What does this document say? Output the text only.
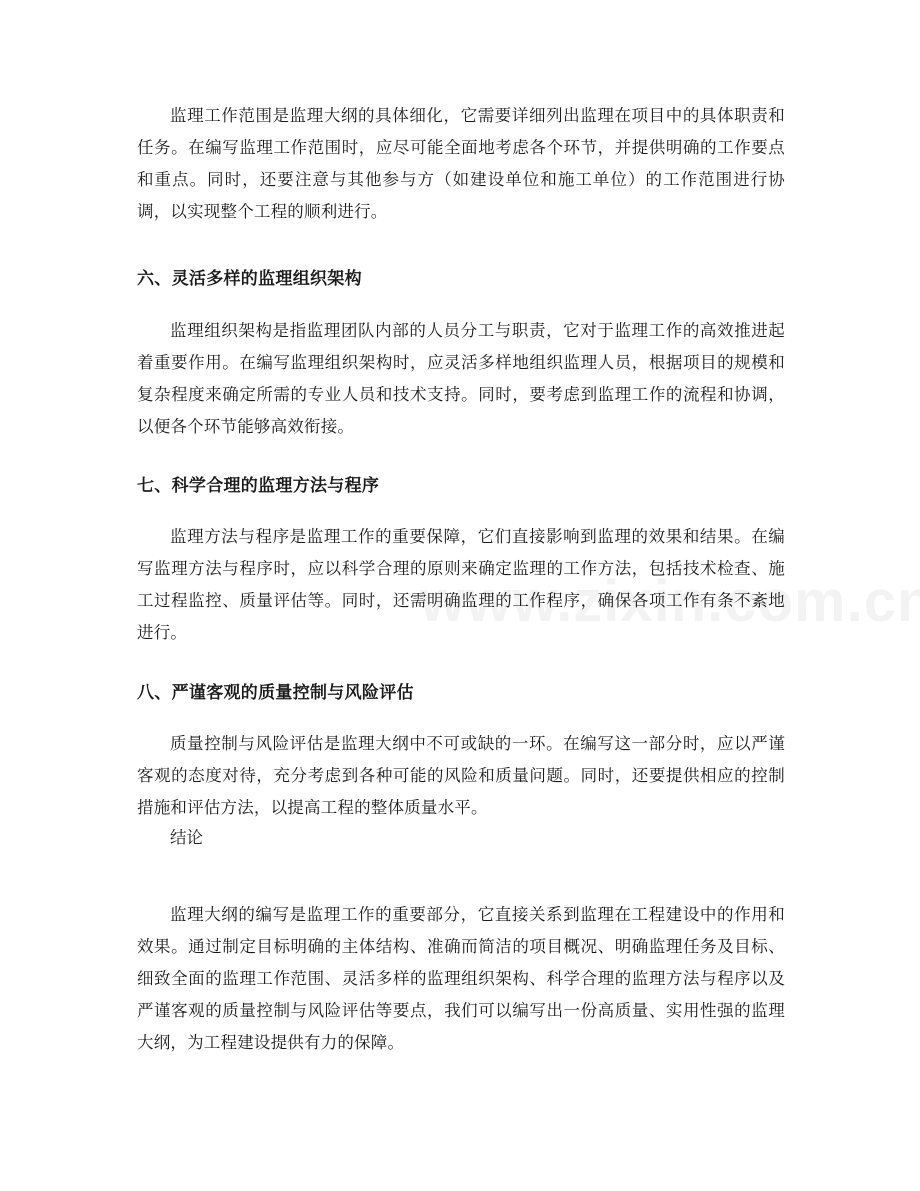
监理工作范围是监理大纲的具体细化，它需要详细列出监理在项目中的具体职责和任务。在编写监理工作范围时，应尽可能全面地考虑各个环节，并提供明确的工作要点和重点。同时，还要注意与其他参与方（如建设单位和施工单位）的工作范围进行协调，以实现整个工程的顺利进行。

六、灵活多样的监理组织架构

监理组织架构是指监理团队内部的人员分工与职责，它对于监理工作的高效推进起着重要作用。在编写监理组织架构时，应灵活多样地组织监理人员，根据项目的规模和复杂程度来确定所需的专业人员和技术支持。同时，要考虑到监理工作的流程和协调，以便各个环节能够高效衔接。

七、科学合理的监理方法与程序

监理方法与程序是监理工作的重要保障，它们直接影响到监理的效果和结果。在编写监理方法与程序时，应以科学合理的原则来确定监理的工作方法，包括技术检查、施工过程监控、质量评估等。同时，还需明确监理的工作程序，确保各项工作有条不紊地进行。

八、严谨客观的质量控制与风险评估

质量控制与风险评估是监理大纲中不可或缺的一环。在编写这一部分时，应以严谨客观的态度对待，充分考虑到各种可能的风险和质量问题。同时，还要提供相应的控制措施和评估方法，以提高工程的整体质量水平。

结论

监理大纲的编写是监理工作的重要部分，它直接关系到监理在工程建设中的作用和效果。通过制定目标明确的主体结构、准确而简洁的项目概况、明确监理任务及目标、细致全面的监理工作范围、灵活多样的监理组织架构、科学合理的监理方法与程序以及严谨客观的质量控制与风险评估等要点，我们可以编写出一份高质量、实用性强的监理大纲，为工程建设提供有力的保障。
